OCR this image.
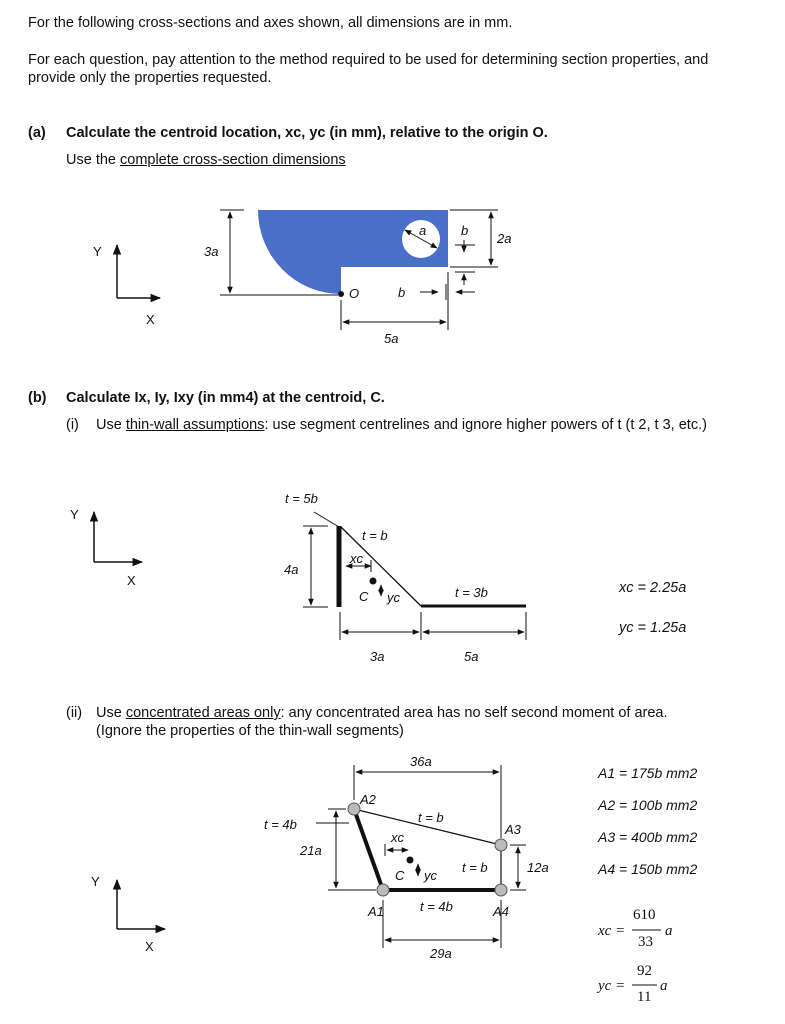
For the following cross-sections and axes shown, all dimensions are in mm.
For each question, pay attention to the method required to be used for determining section properties, and
provide only the properties requested.
(a) Calculate the centroid location, xc, yc (in mm), relative to the origin O.
Use the complete cross-section dimensions
(b) Calculate Ix, Iy, Ixy (in mm4) at the centroid, C.
(i) Use thin-wall assumptions: use segment centrelines and ignore higher powers of t (t 2, t 3, etc.)
(ii) Use concentrated areas only: any concentrated area has no self second moment of area.
(Ignore the properties of the thin-wall segments)
Y
X
a
O
3a
b
2a
b
5a
Y
X
t = 5b
t = b
xc
4a
C yc	t = 3b
3a	5a
xc = 2.25a
yc = 1.25a
Y
X
36a
A2
t = b
A3
t = 4b
xc
21a
C yc
t = b	12a
A1	t = 4b	A4
29a
A1 = 175b mm2
A2 = 100b mm2
A3 = 400b mm2
A4 = 150b mm2
xc =
610
33
a
yc =
92
11
a
